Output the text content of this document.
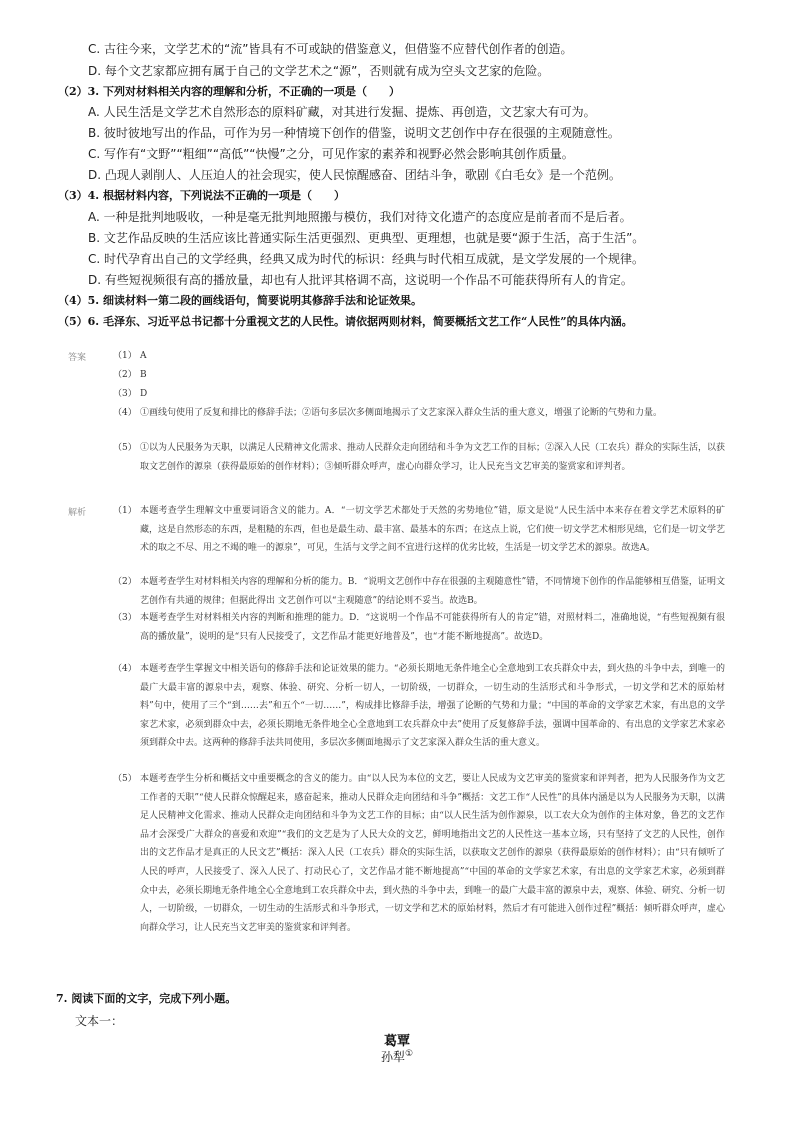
C. 古往今来，文学艺术的“流”皆具有不可或缺的借鉴意义，但借鉴不应替代创作者的创造。
D. 每个文艺家都应拥有属于自己的文学艺术之“源”，否则就有成为空头文艺家的危险。
（2）3. 下列对材料相关内容的理解和分析，不正确的一项是（　　）
A. 人民生活是文学艺术自然形态的原料矿藏，对其进行发掘、提炼、再创造，文艺家大有可为。
B. 彼时彼地写出的作品，可作为另一种情境下创作的借鉴，说明文艺创作中存在很强的主观随意性。
C. 写作有“文野”“粗细”“高低”“快慢”之分，可见作家的素养和视野必然会影响其创作质量。
D. 凸现人剥削人、人压迫人的社会现实，使人民惊醒感奋、团结斗争，歌剧《白毛女》是一个范例。
（3）4. 根据材料内容，下列说法不正确的一项是（　　）
A. 一种是批判地吸收，一种是毫无批判地照搬与模仿，我们对待文化遗产的态度应是前者而不是后者。
B. 文艺作品反映的生活应该比普通实际生活更强烈、更典型、更理想，也就是要“源于生活，高于生活”。
C. 时代孕育出自己的文学经典，经典又成为时代的标识：经典与时代相互成就，是文学发展的一个规律。
D. 有些短视频很有高的播放量，却也有人批评其格调不高，这说明一个作品不可能获得所有人的肯定。
（4）5. 细读材料一第二段的画线语句，简要说明其修辞手法和论证效果。
（5）6. 毛泽东、习近平总书记都十分重视文艺的人民性。请依据两则材料，简要概括文艺工作“人民性”的具体内涵。
答案	（1） A
（2） B
（3） D
（4） ①画线句使用了反复和排比的修辞手法；②语句多层次多侧面地揭示了文艺家深入群众生活的重大意义，增强了论断的气势和力量。
（5） ①以为人民服务为天职，以满足人民精神文化需求、推动人民群众走向团结和斗争为文艺工作的目标；②深入人民（工农兵）群众的实际生活，以获取文艺创作的源泉（获得最原始的创作材料）；③倾听群众呼声，虚心向群众学习，让人民充当文艺审美的鉴赏家和评判者。
解析	（1） 本题考查学生理解文中重要词语含义的能力。A．“一切文学艺术都处于天然的劣势地位”错，原文是说“人民生活中本来存在着文学艺术原料的矿藏，这是自然形态的东西，是粗糙的东西，但也是最生动、最丰富、最基本的东西；在这点上说，它们使一切文学艺术相形见绌，它们是一切文学艺术的取之不尽、用之不竭的唯一的源泉”，可见，生活与文学之间不宜进行这样的优劣比较，生活是一切文学艺术的源泉。故选A。
（2） 本题考查学生对材料相关内容的理解和分析的能力。B．“说明文艺创作中存在很强的主观随意性”错，不同情境下创作的作品能够相互借鉴，证明文艺创作有共通的规律；但据此得出 文艺创作可以“主观随意”的结论则不妥当。故选B。
（3） 本题考查学生对材料相关内容的判断和推理的能力。D．“这说明一个作品不可能获得所有人的肯定”错，对照材料二，准确地说，“有些短视频有很高的播放量”，说明的是“只有人民接受了，文艺作品才能更好地普及”，也“才能不断地提高”。故选D。
（4） 本题考查学生掌握文中相关语句的修辞手法和论证效果的能力。“必须长期地无条件地全心全意地到工农兵群众中去，到火热的斗争中去，到唯一的最广大最丰富的源泉中去，观察、体验、研究、分析一切人，一切阶级，一切群众，一切生动的生活形式和斗争形式，一切文学和艺术的原始材料”句中，使用了三个“到……去”和五个“一切……”，构成排比修辞手法，增强了论断的气势和力量；“中国的革命的文学家艺术家，有出息的文学家艺术家，必须到群众中去，必须长期地无条件地全心全意地到工农兵群众中去”使用了反复修辞手法，强调中国革命的、有出息的文学家艺术家必须到群众中去。这两种的修辞手法共同使用，多层次多侧面地揭示了文艺家深入群众生活的重大意义。
（5） 本题考查学生分析和概括文中重要概念的含义的能力。由“以人民为本位的文艺，要让人民成为文艺审美的鉴赏家和评判者，把为人民服务作为文艺工作者的天职”“使人民群众惊醒起来，感奋起来，推动人民群众走向团结和斗争”概括：文艺工作“人民性”的具体内涵是以为人民服务为天职，以满足人民精神文化需求、推动人民群众走向团结和斗争为文艺工作的目标；由“以人民生活为创作源泉，以工农大众为创作的主体对象，鲁艺的文艺作品才会深受广大群众的喜爱和欢迎”“我们的文艺是为了人民大众的文艺，鲜明地指出文艺的人民性这一基本立场，只有坚持了文艺的人民性，创作出的文艺作品才是真正的人民文艺”概括：深入人民（工农兵）群众的实际生活，以获取文艺创作的源泉（获得最原始的创作材料）；由“只有倾听了人民的呼声，人民接受了、深入人民了、打动民心了，文艺作品才能不断地提高”“中国的革命的文学家艺术家，有出息的文学家艺术家，必须到群众中去，必须长期地无条件地全心全意地到工农兵群众中去，到火热的斗争中去，到唯一的最广大最丰富的源泉中去，观察、体验、研究、分析一切人，一切阶级，一切群众，一切生动的生活形式和斗争形式，一切文学和艺术的原始材料，然后才有可能进入创作过程”概括：倾听群众呼声，虚心向群众学习，让人民充当文艺审美的鉴赏家和评判者。
7. 阅读下面的文字，完成下列小题。
文本一：
葛覃
孙犁①
